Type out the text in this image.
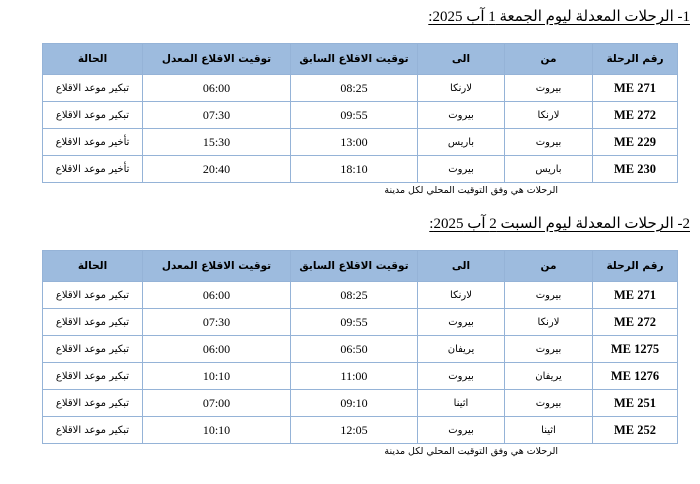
1- الرحلات المعدلة ليوم الجمعة 1 آب 2025:
رقم الرحلة	من	الى	توقيت الاقلاع السابق	توقيت الاقلاع المعدل	الحالة
ME 271	بيروت	لارنكا	08:25	06:00	تبكير موعد الاقلاع
ME 272	لارنكا	بيروت	09:55	07:30	تبكير موعد الاقلاع
ME 229	بيروت	باريس	13:00	15:30	تأخير موعد الاقلاع
ME 230	باريس	بيروت	18:10	20:40	تأخير موعد الاقلاع
الرحلات هي وفق التوقيت المحلي لكل مدينة
2- الرحلات المعدلة ليوم السبت 2 آب 2025:
رقم الرحلة	من	الى	توقيت الاقلاع السابق	توقيت الاقلاع المعدل	الحالة
ME 271	بيروت	لارنكا	08:25	06:00	تبكير موعد الاقلاع
ME 272	لارنكا	بيروت	09:55	07:30	تبكير موعد الاقلاع
ME 1275	بيروت	يريفان	06:50	06:00	تبكير موعد الاقلاع
ME 1276	يريفان	بيروت	11:00	10:10	تبكير موعد الاقلاع
ME 251	بيروت	اثينا	09:10	07:00	تبكير موعد الاقلاع
ME 252	اثينا	بيروت	12:05	10:10	تبكير موعد الاقلاع
الرحلات هي وفق التوقيت المحلي لكل مدينة
